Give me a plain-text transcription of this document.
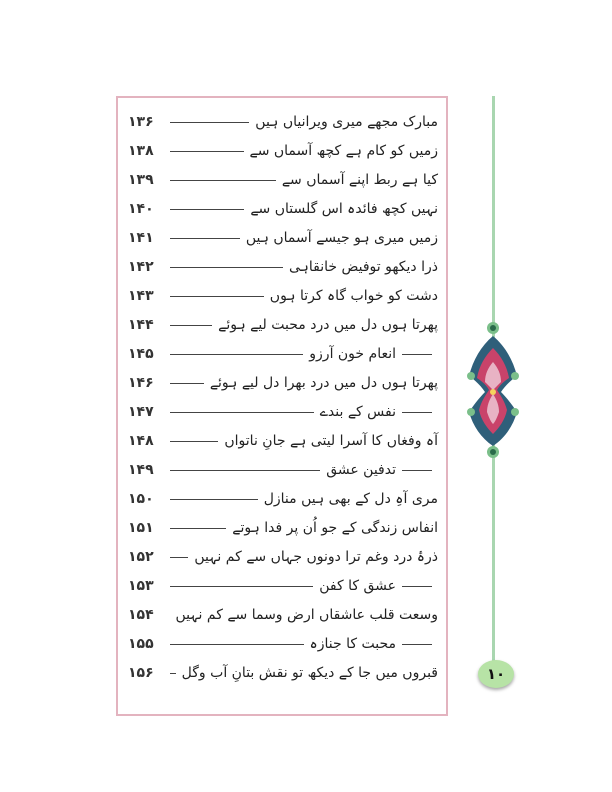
۱۳۶	مبارک مجھے میری ویرانیاں ہیں
۱۳۸	زمیں کو کام ہے کچھ آسماں سے
۱۳۹	کیا ہے ربط اپنے آسماں سے
۱۴۰	نہیں کچھ فائدہ اس گلستاں سے
۱۴۱	زمیں میری ہو جیسے آسماں ہیں
۱۴۲	ذرا دیکھو توفیض خانقاہی
۱۴۳	دشت کو خواب گاہ کرتا ہوں
۱۴۴	پھرتا ہوں دل میں درد محبت لیے ہوئے
۱۴۵	انعام خون آرزو
۱۴۶	پھرتا ہوں دل میں درد بھرا دل لیے ہوئے
۱۴۷	نفس کے بندے
۱۴۸	آہ وفغاں کا آسرا لیتی ہے جانِ ناتواں
۱۴۹	تدفین عشق
۱۵۰	مری آہِ دل کے بھی ہیں منازل
۱۵۱	انفاس زندگی کے جو اُن پر فدا ہوتے
۱۵۲	ذرۂ درد وغم ترا دونوں جہاں سے کم نہیں
۱۵۳	عشق کا کفن
۱۵۴	وسعت قلب عاشقاں ارض وسما سے کم نہیں
۱۵۵	محبت کا جنازہ
۱۵۶	قبروں میں جا کے دیکھ تو نقش بتانِ آب وگل	۱۰
